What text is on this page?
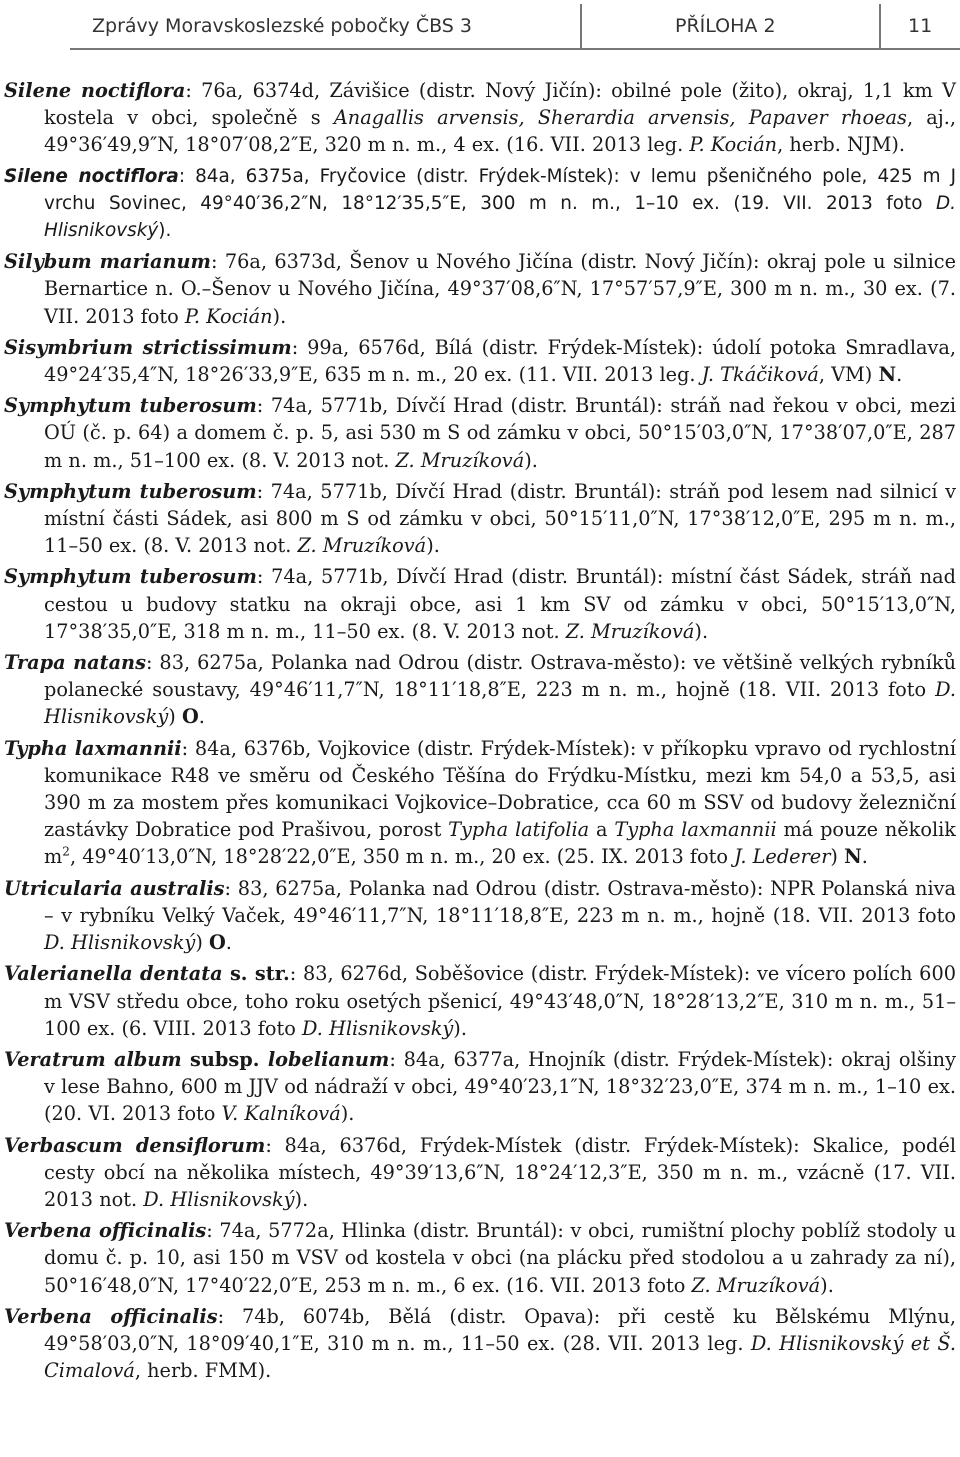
Zprávy Moravskoslezské pobočky ČBS 3	PŘÍLOHA 2	11

Silene noctiflora: 76a, 6374d, Závišice (distr. Nový Jičín): obilné pole (žito), okraj, 1,1 km V kostela v obci, společně s Anagallis arvensis, Sherardia arvensis, Papaver rhoeas, aj., 49°36′49,9″N, 18°07′08,2″E, 320 m n. m., 4 ex. (16. VII. 2013 leg. P. Kocián, herb. NJM).

Silene noctiflora: 84a, 6375a, Fryčovice (distr. Frýdek-Místek): v lemu pšeničného pole, 425 m J vrchu Sovinec, 49°40′36,2″N, 18°12′35,5″E, 300 m n. m., 1–10 ex. (19. VII. 2013 foto D. Hlisnikovský).

Silybum marianum: 76a, 6373d, Šenov u Nového Jičína (distr. Nový Jičín): okraj pole u silnice Bernartice n. O.–Šenov u Nového Jičína, 49°37′08,6″N, 17°57′57,9″E, 300 m n. m., 30 ex. (7. VII. 2013 foto P. Kocián).

Sisymbrium strictissimum: 99a, 6576d, Bílá (distr. Frýdek-Místek): údolí potoka Smradlava, 49°24′35,4″N, 18°26′33,9″E, 635 m n. m., 20 ex. (11. VII. 2013 leg. J. Tkáčiková, VM) N.

Symphytum tuberosum: 74a, 5771b, Dívčí Hrad (distr. Bruntál): stráň nad řekou v obci, mezi OÚ (č. p. 64) a domem č. p. 5, asi 530 m S od zámku v obci, 50°15′03,0″N, 17°38′07,0″E, 287 m n. m., 51–100 ex. (8. V. 2013 not. Z. Mruzíková).

Symphytum tuberosum: 74a, 5771b, Dívčí Hrad (distr. Bruntál): stráň pod lesem nad silnicí v místní části Sádek, asi 800 m S od zámku v obci, 50°15′11,0″N, 17°38′12,0″E, 295 m n. m., 11–50 ex. (8. V. 2013 not. Z. Mruzíková).

Symphytum tuberosum: 74a, 5771b, Dívčí Hrad (distr. Bruntál): místní část Sádek, stráň nad cestou u budovy statku na okraji obce, asi 1 km SV od zámku v obci, 50°15′13,0″N, 17°38′35,0″E, 318 m n. m., 11–50 ex. (8. V. 2013 not. Z. Mruzíková).

Trapa natans: 83, 6275a, Polanka nad Odrou (distr. Ostrava-město): ve většině velkých rybníků polanecké soustavy, 49°46′11,7″N, 18°11′18,8″E, 223 m n. m., hojně (18. VII. 2013 foto D. Hlisnikovský) O.

Typha laxmannii: 84a, 6376b, Vojkovice (distr. Frýdek-Místek): v příkopku vpravo od rychlostní komunikace R48 ve směru od Českého Těšína do Frýdku-Místku, mezi km 54,0 a 53,5, asi 390 m za mostem přes komunikaci Vojkovice–Dobratice, cca 60 m SSV od budovy železniční zastávky Dobratice pod Prašivou, porost Typha latifolia a Typha laxmannii má pouze několik $m^2$, 49°40′13,0″N, 18°28′22,0″E, 350 m n. m., 20 ex. (25. IX. 2013 foto J. Lederer) N.

Utricularia australis: 83, 6275a, Polanka nad Odrou (distr. Ostrava-město): NPR Polanská niva – v rybníku Velký Vaček, 49°46′11,7″N, 18°11′18,8″E, 223 m n. m., hojně (18. VII. 2013 foto D. Hlisnikovský) O.

Valerianella dentata s. str.: 83, 6276d, Soběšovice (distr. Frýdek-Místek): ve vícero polích 600 m VSV středu obce, toho roku osetých pšenicí, 49°43′48,0″N, 18°28′13,2″E, 310 m n. m., 51–100 ex. (6. VIII. 2013 foto D. Hlisnikovský).

Veratrum album subsp. lobelianum: 84a, 6377a, Hnojník (distr. Frýdek-Místek): okraj olšiny v lese Bahno, 600 m JJV od nádraží v obci, 49°40′23,1″N, 18°32′23,0″E, 374 m n. m., 1–10 ex. (20. VI. 2013 foto V. Kalníková).

Verbascum densiflorum: 84a, 6376d, Frýdek-Místek (distr. Frýdek-Místek): Skalice, podél cesty obcí na několika místech, 49°39′13,6″N, 18°24′12,3″E, 350 m n. m., vzácně (17. VII. 2013 not. D. Hlisnikovský).

Verbena officinalis: 74a, 5772a, Hlinka (distr. Bruntál): v obci, rumištní plochy poblíž stodoly u domu č. p. 10, asi 150 m VSV od kostela v obci (na plácku před stodolou a u zahrady za ní), 50°16′48,0″N, 17°40′22,0″E, 253 m n. m., 6 ex. (16. VII. 2013 foto Z. Mruzíková).

Verbena officinalis: 74b, 6074b, Bělá (distr. Opava): při cestě ku Bělskému Mlýnu, 49°58′03,0″N, 18°09′40,1″E, 310 m n. m., 11–50 ex. (28. VII. 2013 leg. D. Hlisnikovský et Š. Cimalová, herb. FMM).
